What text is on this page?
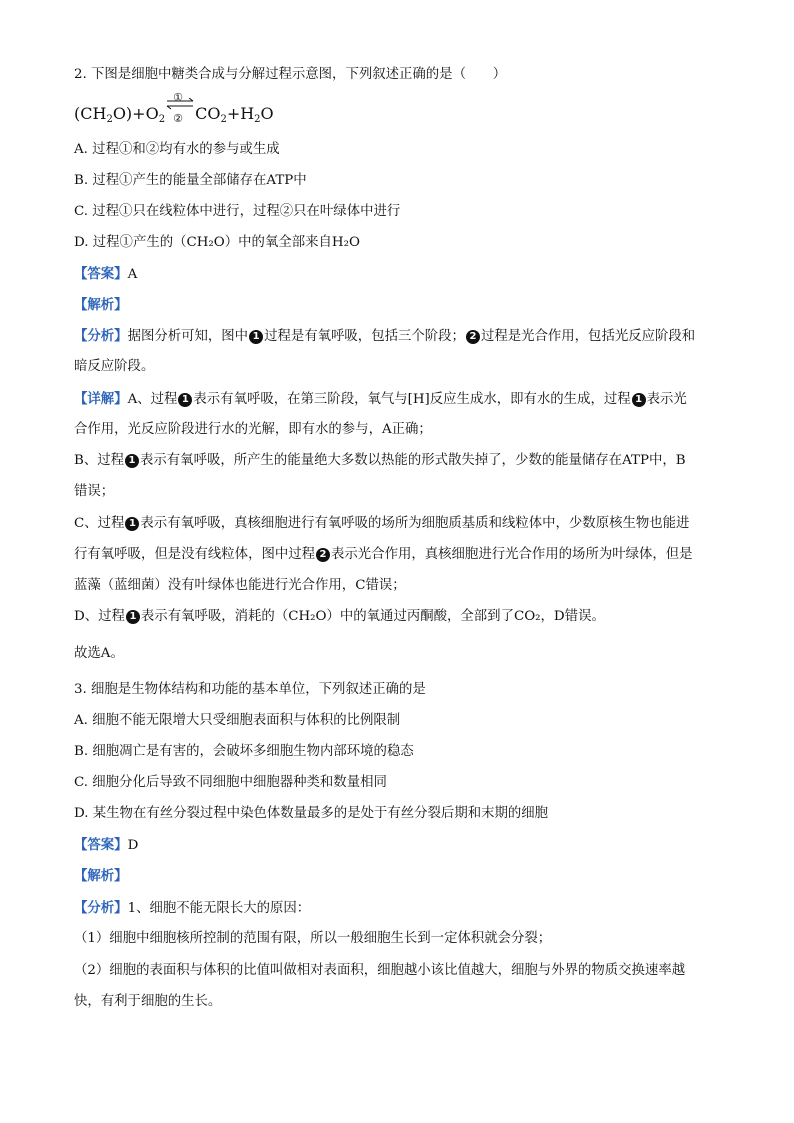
2. 下图是细胞中糖类合成与分解过程示意图，下列叙述正确的是（　　）
$(CH_2O)+O_2$
①
② $CO_2+H_2O$
A. 过程①和②均有水的参与或生成
B. 过程①产生的能量全部储存在ATP中
C. 过程①只在线粒体中进行，过程②只在叶绿体中进行
D. 过程①产生的（CH₂O）中的氧全部来自H₂O
【答案】A
【解析】
【分析】据图分析可知，图中 1 过程是有氧呼吸，包括三个阶段； 2 过程是光合作用，包括光反应阶段和
暗反应阶段。
【详解】A、过程 1 表示有氧呼吸，在第三阶段，氧气与[H]反应生成水，即有水的生成，过程 1 表示光
合作用，光反应阶段进行水的光解，即有水的参与，A正确；
B、过程 1 表示有氧呼吸，所产生的能量绝大多数以热能的形式散失掉了，少数的能量储存在ATP中，B
错误；
C、过程 1 表示有氧呼吸，真核细胞进行有氧呼吸的场所为细胞质基质和线粒体中，少数原核生物也能进
行有氧呼吸，但是没有线粒体，图中过程 2 表示光合作用，真核细胞进行光合作用的场所为叶绿体，但是
蓝藻（蓝细菌）没有叶绿体也能进行光合作用，C错误；
D、过程 1 表示有氧呼吸，消耗的（CH₂O）中的氧通过丙酮酸，全部到了CO₂，D错误。
故选A。
3. 细胞是生物体结构和功能的基本单位，下列叙述正确的是
A. 细胞不能无限增大只受细胞表面积与体积的比例限制
B. 细胞凋亡是有害的，会破坏多细胞生物内部环境的稳态
C. 细胞分化后导致不同细胞中细胞器种类和数量相同
D. 某生物在有丝分裂过程中染色体数量最多的是处于有丝分裂后期和末期的细胞
【答案】D
【解析】
【分析】1、细胞不能无限长大的原因：
（1）细胞中细胞核所控制的范围有限，所以一般细胞生长到一定体积就会分裂；
（2）细胞的表面积与体积的比值叫做相对表面积，细胞越小该比值越大，细胞与外界的物质交换速率越
快，有利于细胞的生长。
